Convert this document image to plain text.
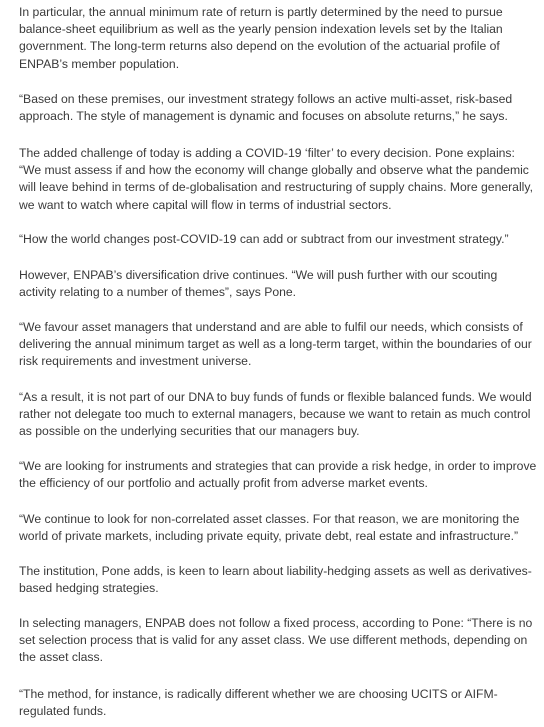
In particular, the annual minimum rate of return is partly determined by the need to pursue balance-sheet equilibrium as well as the yearly pension indexation levels set by the Italian government. The long-term returns also depend on the evolution of the actuarial profile of ENPAB’s member population.

“Based on these premises, our investment strategy follows an active multi-asset, risk-based approach. The style of management is dynamic and focuses on absolute returns,” he says.

The added challenge of today is adding a COVID-19 ‘filter’ to every decision. Pone explains: “We must assess if and how the economy will change globally and observe what the pandemic will leave behind in terms of de-globalisation and restructuring of supply chains. More generally, we want to watch where capital will flow in terms of industrial sectors.

“How the world changes post-COVID-19 can add or subtract from our investment strategy.”

However, ENPAB’s diversification drive continues. “We will push further with our scouting activity relating to a number of themes”, says Pone.

“We favour asset managers that understand and are able to fulfil our needs, which consists of delivering the annual minimum target as well as a long-term target, within the boundaries of our risk requirements and investment universe.

“As a result, it is not part of our DNA to buy funds of funds or flexible balanced funds. We would rather not delegate too much to external managers, because we want to retain as much control as possible on the underlying securities that our managers buy.

“We are looking for instruments and strategies that can provide a risk hedge, in order to improve the efficiency of our portfolio and actually profit from adverse market events.

“We continue to look for non-correlated asset classes. For that reason, we are monitoring the world of private markets, including private equity, private debt, real estate and infrastructure.”

The institution, Pone adds, is keen to learn about liability-hedging assets as well as derivatives-based hedging strategies.

In selecting managers, ENPAB does not follow a fixed process, according to Pone: “There is no set selection process that is valid for any asset class. We use different methods, depending on the asset class.

“The method, for instance, is radically different whether we are choosing UCITS or AIFM-regulated funds.
